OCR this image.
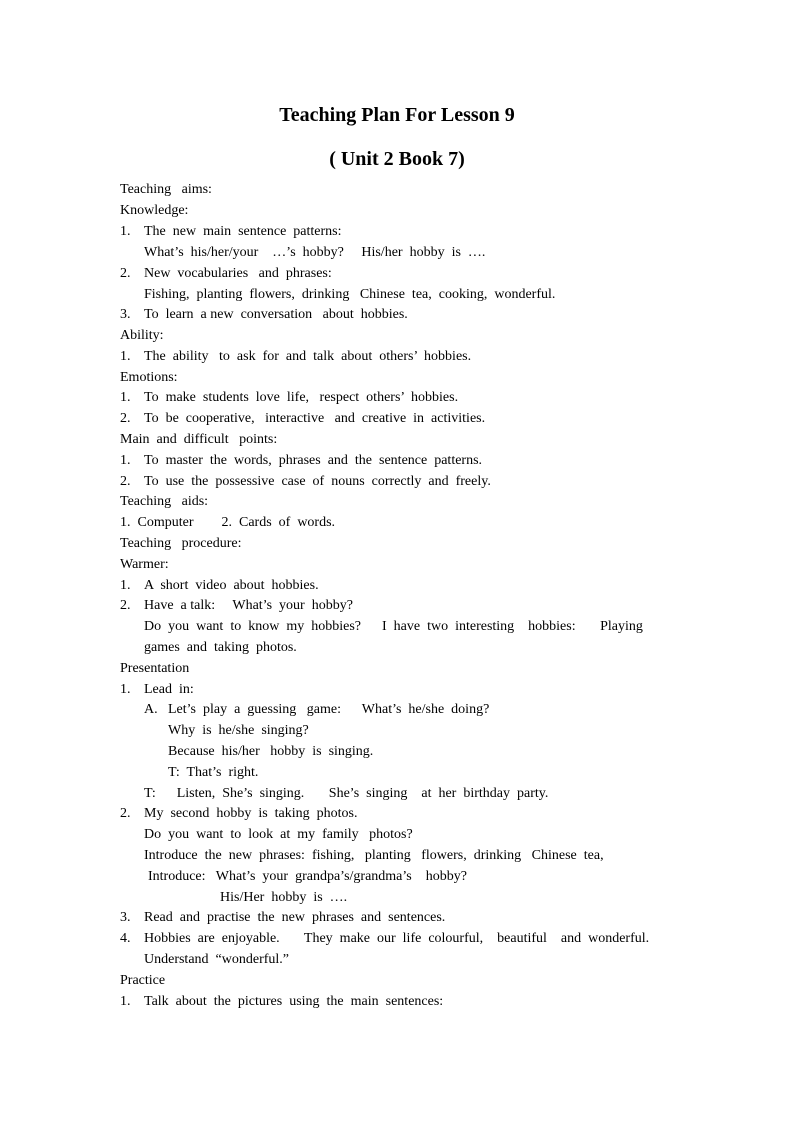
Teaching Plan For Lesson 9
( Unit 2 Book 7)
Teaching   aims:
Knowledge:
1. The  new  main  sentence  patterns:
What’s  his/her/your    …’s  hobby?     His/her  hobby  is  ….
2. New  vocabularies   and  phrases:
Fishing,  planting  flowers,  drinking   Chinese  tea,  cooking,  wonderful.
3. To  learn  a new  conversation   about  hobbies.
Ability:
1. The  ability   to  ask  for  and  talk  about  others’  hobbies.
Emotions:
1. To  make  students  love  life,   respect  others’  hobbies.
2. To  be  cooperative,   interactive   and  creative  in  activities.
Main  and  difficult   points:
1. To  master  the  words,  phrases  and  the  sentence  patterns.
2. To  use  the  possessive  case  of  nouns  correctly  and  freely.
Teaching   aids:
1.  Computer        2.  Cards  of  words.
Teaching   procedure:
Warmer:
1. A  short  video  about  hobbies.
2. Have  a talk:     What’s  your  hobby?
Do  you  want  to  know  my  hobbies?      I  have  two  interesting    hobbies:       Playing
games  and  taking  photos.
Presentation
1. Lead  in:
A. Let’s  play  a  guessing   game:      What’s  he/she  doing?
Why  is  he/she  singing?
Because  his/her   hobby  is  singing.
T:  That’s  right.
T:      Listen,  She’s  singing.       She’s  singing    at  her  birthday  party.
2. My  second  hobby  is  taking  photos.
Do  you  want  to  look  at  my  family   photos?
Introduce  the  new  phrases:  fishing,   planting   flowers,  drinking   Chinese  tea,
Introduce:   What’s  your  grandpa’s/grandma’s    hobby?
His/Her  hobby  is  ….
3. Read  and  practise  the  new  phrases  and  sentences.
4. Hobbies  are  enjoyable.       They  make  our  life  colourful,    beautiful    and  wonderful.
Understand  “wonderful.”
Practice
1. Talk  about  the  pictures  using  the  main  sentences:
